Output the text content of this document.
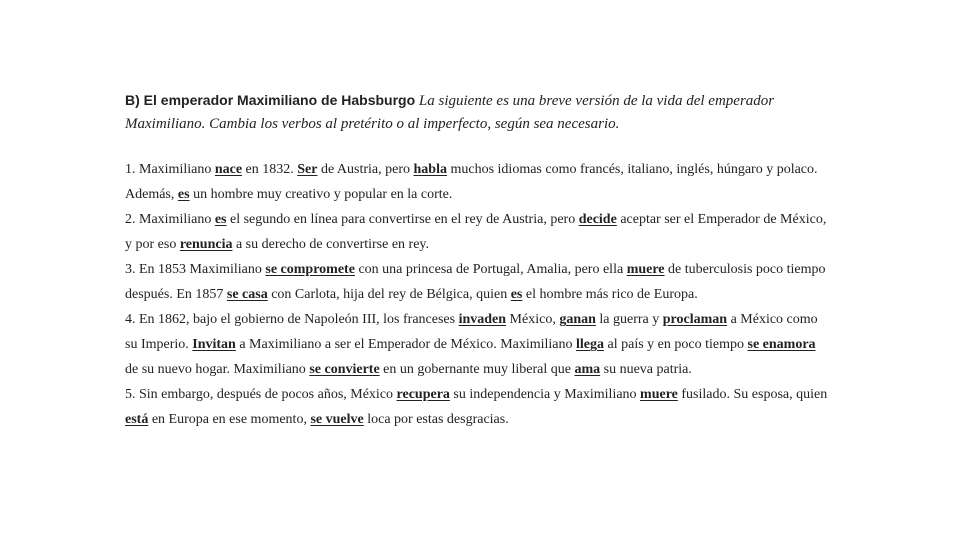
B) El emperador Maximiliano de Habsburgo La siguiente es una breve versión de la vida del emperador Maximiliano. Cambia los verbos al pretérito o al imperfecto, según sea necesario.

1. Maximiliano nace en 1832. Ser de Austria, pero habla muchos idiomas como francés, italiano, inglés, húngaro y polaco. Además, es un hombre muy creativo y popular en la corte.

2. Maximiliano es el segundo en línea para convertirse en el rey de Austria, pero decide aceptar ser el Emperador de México, y por eso renuncia a su derecho de convertirse en rey.

3. En 1853 Maximiliano se compromete con una princesa de Portugal, Amalia, pero ella muere de tuberculosis poco tiempo después. En 1857 se casa con Carlota, hija del rey de Bélgica, quien es el hombre más rico de Europa.

4. En 1862, bajo el gobierno de Napoleón III, los franceses invaden México, ganan la guerra y proclaman a México como su Imperio. Invitan a Maximiliano a ser el Emperador de México. Maximiliano llega al país y en poco tiempo se enamora de su nuevo hogar. Maximiliano se convierte en un gobernante muy liberal que ama su nueva patria.

5. Sin embargo, después de pocos años, México recupera su independencia y Maximiliano muere fusilado. Su esposa, quien está en Europa en ese momento, se vuelve loca por estas desgracias.
